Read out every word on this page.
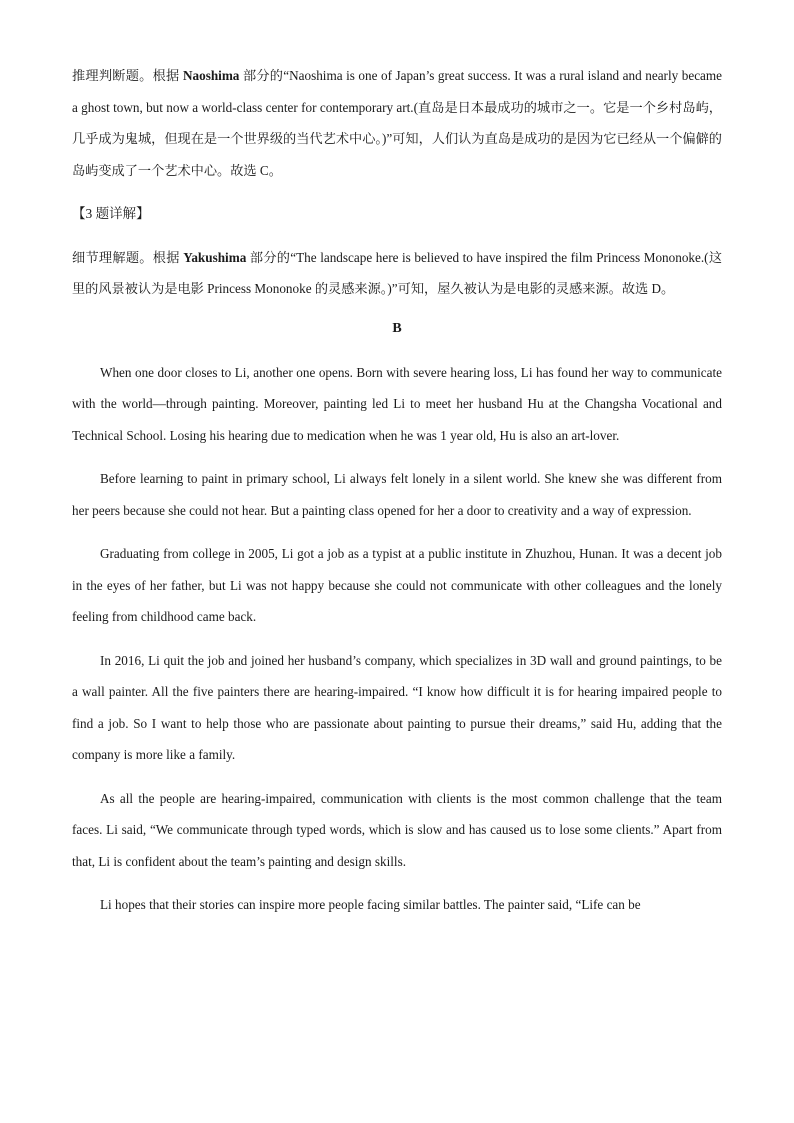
推理判断题。根据 Naoshima 部分的“Naoshima is one of Japan’s great success. It was a rural island and nearly became a ghost town, but now a world-class center for contemporary art.(直岛是日本最成功的城市之一。它是一个乡村岛屿，几乎成为鬼城，但现在是一个世界级的当代艺术中心。)”可知，人们认为直岛是成功的是因为它已经从一个偏僻的岛屿变成了一个艺术中心。故选 C。

【3 题详解】

细节理解题。根据 Yakushima 部分的“The landscape here is believed to have inspired the film Princess Mononoke.(这里的风景被认为是电影 Princess Mononoke 的灵感来源。)”可知，屋久被认为是电影的灵感来源。故选 D。

B

When one door closes to Li, another one opens. Born with severe hearing loss, Li has found her way to communicate with the world—through painting. Moreover, painting led Li to meet her husband Hu at the Changsha Vocational and Technical School. Losing his hearing due to medication when he was 1 year old, Hu is also an art-lover.

Before learning to paint in primary school, Li always felt lonely in a silent world. She knew she was different from her peers because she could not hear. But a painting class opened for her a door to creativity and a way of expression.

Graduating from college in 2005, Li got a job as a typist at a public institute in Zhuzhou, Hunan. It was a decent job in the eyes of her father, but Li was not happy because she could not communicate with other colleagues and the lonely feeling from childhood came back.

In 2016, Li quit the job and joined her husband’s company, which specializes in 3D wall and ground paintings, to be a wall painter. All the five painters there are hearing-impaired. “I know how difficult it is for hearing impaired people to find a job. So I want to help those who are passionate about painting to pursue their dreams,” said Hu, adding that the company is more like a family.

As all the people are hearing-impaired, communication with clients is the most common challenge that the team faces. Li said, “We communicate through typed words, which is slow and has caused us to lose some clients.” Apart from that, Li is confident about the team’s painting and design skills.

Li hopes that their stories can inspire more people facing similar battles. The painter said, “Life can be
